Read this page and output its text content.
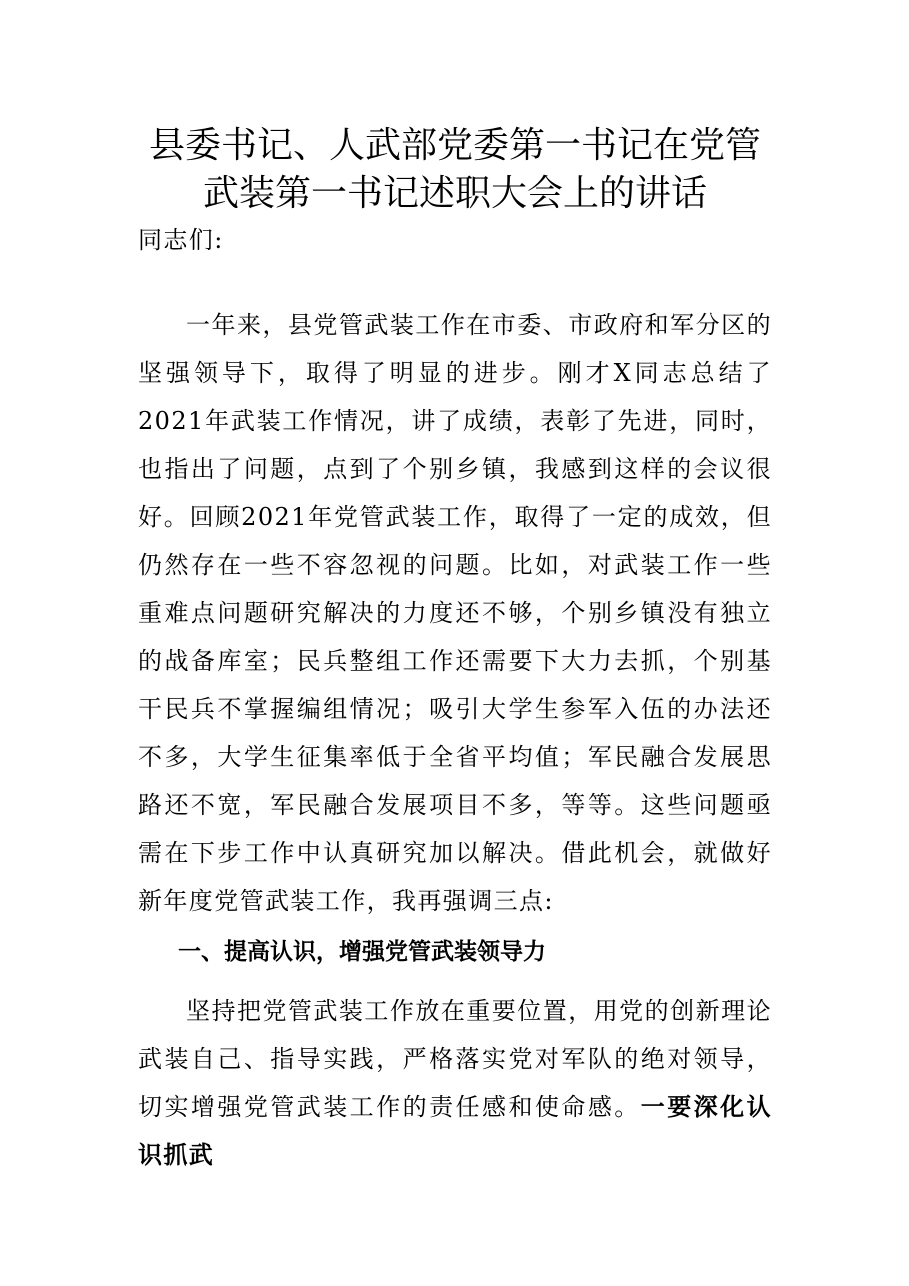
县委书记、人武部党委第一书记在党管武装第一书记述职大会上的讲话

同志们:

一年来，县党管武装工作在市委、市政府和军分区的坚强领导下，取得了明显的进步。刚才X同志总结了2021年武装工作情况，讲了成绩，表彰了先进，同时，也指出了问题，点到了个别乡镇，我感到这样的会议很好。回顾2021年党管武装工作，取得了一定的成效，但仍然存在一些不容忽视的问题。比如，对武装工作一些重难点问题研究解决的力度还不够，个别乡镇没有独立的战备库室；民兵整组工作还需要下大力去抓，个别基干民兵不掌握编组情况；吸引大学生参军入伍的办法还不多，大学生征集率低于全省平均值；军民融合发展思路还不宽，军民融合发展项目不多，等等。这些问题亟需在下步工作中认真研究加以解决。借此机会，就做好新年度党管武装工作，我再强调三点:

一、提高认识，增强党管武装领导力

坚持把党管武装工作放在重要位置，用党的创新理论武装自己、指导实践，严格落实党对军队的绝对领导，切实增强党管武装工作的责任感和使命感。一要深化认识抓武
